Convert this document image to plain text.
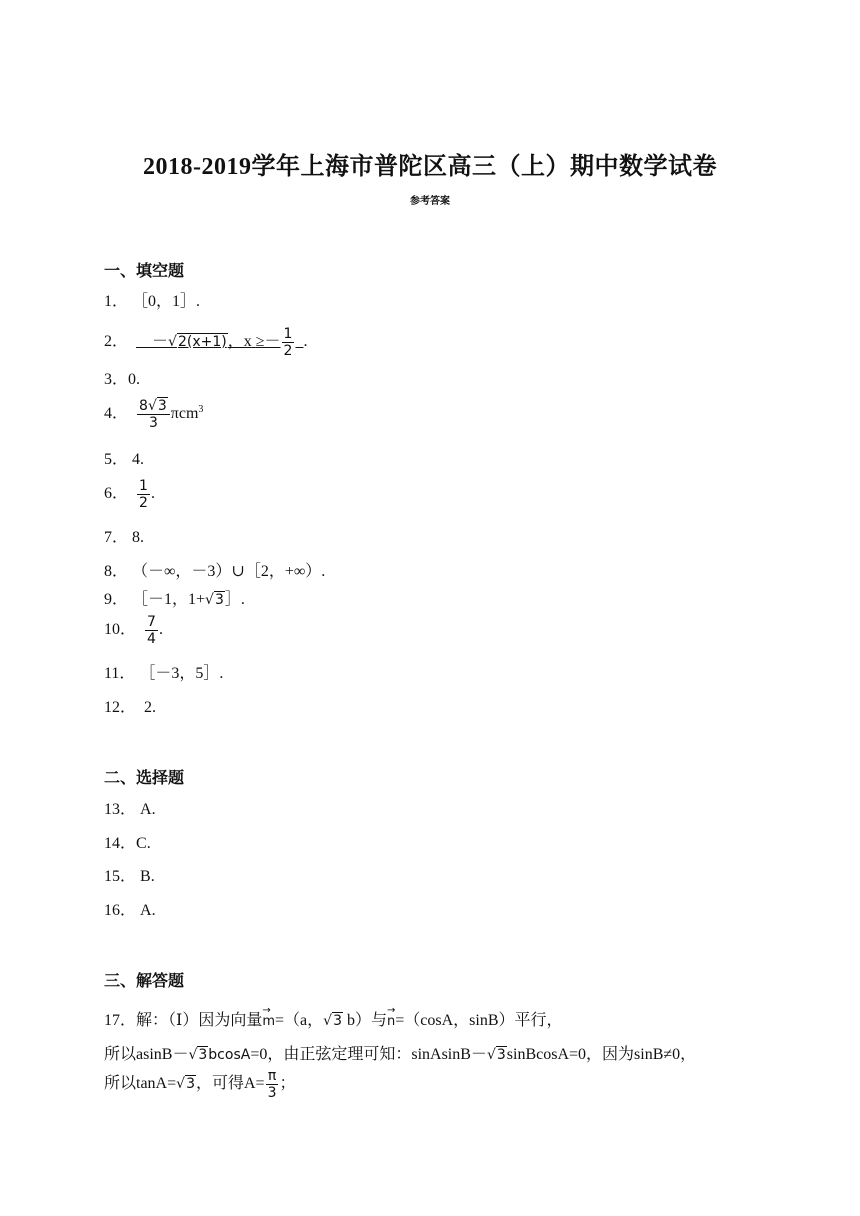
2018-2019学年上海市普陀区高三（上）期中数学试卷
参考答案
一、填空题
1． ［0，1］.
2． －√2(x+1)，$x \ge- \frac{1}{2}$ .
3．0.
4． $\frac{8√3}{3} \pi cm^3$
5． 4.
6． $\frac{1}{2}$ .
7． 8.
8． （－∞，－3）∪［2，+∞）.
9． ［－1，1+√3］.
10． $\frac{7}{4}$ .
11． ［－3，5］.
12． 2.
二、选择题
13． A.
14．C.
15． B.
16． A.
三、解答题
17．解：（Ⅰ）因为向量
→
m=（a，√3 b）与
→
n=（cosA，sinB）平行，
所以asinB－√3bcosA=0，由正弦定理可知：sinAsinB－√3sinBcosA=0，因为sinB≠0，
所以tanA=√3，可得$A= \frac{\pi}{3}$ ；
